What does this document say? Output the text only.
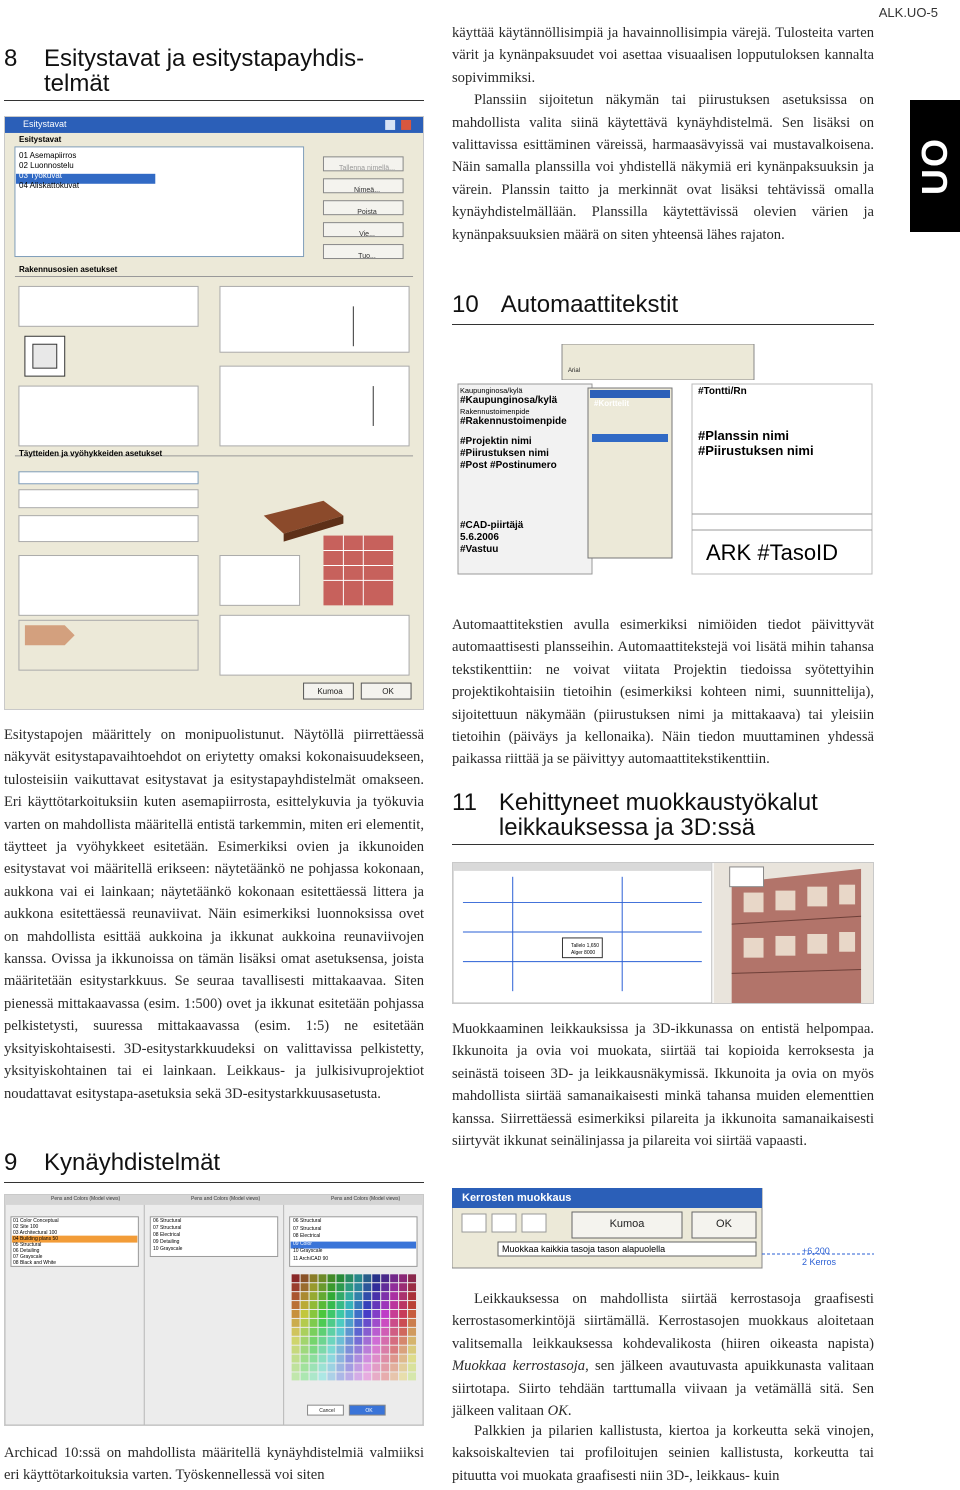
ALK.UO-5
UO
8 Esitystavat ja esitystapayhdis-
telmät
Esitystavat
Esitystavat
01 Asemapiirros
02 Luonnostelu
03 Työkuvat
04 Aliskattokuvat
Tallenna nimellä...
Nimeä...
Poista
Vie...
Tuo...
Rakennusosien asetukset
Täytteiden ja vyöhykkeiden asetukset
Kumoa	OK
Esitystapojen määrittely on monipuolistunut. Näytöllä piirrettäessä näkyvät esitystapavaihtoehdot on eriytetty omaksi kokonaisuudekseen, tulosteisiin vaikuttavat esitystavat ja esitystapayhdistelmät omakseen. Eri käyttötarkoituksiin kuten asemapiirrosta, esittelykuvia ja työkuvia varten on mahdollista määritellä entistä tarkemmin, miten eri elementit, täytteet ja vyöhykkeet esitetään. Esimerkiksi ovien ja ikkunoiden esitystavat voi määritellä erikseen: näytetäänkö ne pohjassa kokonaan, aukkona vai ei lainkaan; näytetäänkö kokonaan esitettäessä littera ja aukkona esitettäessä reunaviivat. Näin esimerkiksi luonnoksissa ovet on mahdollista esittää aukkoina ja ikkunat aukkoina reunaviivojen kanssa. Ovissa ja ikkunoissa on tämän lisäksi omat asetuksensa, joista määritetään esitystarkkuus. Se seuraa tavallisesti mittakaavaa. Siten pienessä mittakaavassa (esim. 1:500) ovet ja ikkunat esitetään pohjassa pelkistetysti, suuressa mittakaavassa (esim. 1:5) ne esitetään yksityiskohtaisesti. 3D-esitystarkkuudeksi on valittavissa pelkistetty, yksityiskohtainen tai ei lainkaan. Leikkaus- ja julkisivuprojektiot noudattavat esitystapa-asetuksia sekä 3D-esitystarkkuusasetusta.
9 Kynäyhdistelmät
Pens and Colors (Model views)	Pens and Colors (Model views)	Pens and Colors (Model views)
01 Color Conceptual
02 Site 100
03 Architectural 100
04 Building plans 50
05 Structural
06 Detailing
07 Grayscale
08 Black and White
06 Structural
07 Structural
08 Electrical
09 Detailing
10 Grayscale
06 Structural
07 Structural
08 Electrical
09 Color
10 Grayscale
11 ArchiCAD 90
Cancel	OK
Archicad 10:ssä on mahdollista määritellä kynäyhdistelmiä valmiiksi eri käyttötarkoituksia varten. Työskennellessä voi siten

käyttää käytännöllisimpiä ja havainnollisimpia värejä. Tulosteita varten värit ja kynänpaksuudet voi asettaa visuaalisen lopputuloksen kannalta sopivimmiksi.

Planssiin sijoitetun näkymän tai piirustuksen asetuksissa on mahdollista valita siinä käytettävä kynäyhdistelmä. Sen lisäksi on valittavissa esittäminen väreissä, harmaasävyissä vai mustavalkoisena. Näin samalla planssilla voi yhdistellä näkymiä eri kynänpaksuuksin ja värein. Planssin taitto ja merkinnät ovat lisäksi tehtävissä omalla kynäyhdistelmällään. Planssilla käytettävissä olevien värien ja kynänpaksuuksien määrä on siten yhteensä lähes rajaton.

10 Automaattitekstit
Arial
Kaupunginosa/kylä
#Kaupunginosa/kylä
Rakennustoimenpide
#Rakennustoimenpide
#Projektin nimi
#Piirustuksen nimi
#Post #Postinumero
#CAD-piirtäjä
5.6.2006
#Vastuu
#Tontti/Rn
#Korttelit
#Planssin nimi
#Piirustuksen nimi
ARK #TasoID
Automaattitekstien avulla esimerkiksi nimiöiden tiedot päivittyvät automaattisesti plansseihin. Automaattitekstejä voi lisätä mihin tahansa tekstikenttiin: ne voivat viitata Projektin tiedoissa syötettyihin projektikohtaisiin tietoihin (esimerkiksi kohteen nimi, suunnittelija), sijoitettuun näkymään (piirustuksen nimi ja mittakaava) tai yleisiin tietoihin (päiväys ja kellonaika). Näin tiedon muuttaminen yhdessä paikassa riittää ja se päivittyy automaattitekstikenttiin.
11 Kehittyneet muokkaustyökalut
leikkauksessa ja 3D:ssä
Tallelo 1,650
Alger 8000
Muokkaaminen leikkauksissa ja 3D-ikkunassa on entistä helpompaa. Ikkunoita ja ovia voi muokata, siirtää tai kopioida kerroksesta ja seinästä toiseen 3D- ja leikkausnäkymissä. Ikkunoita ja ovia on myös mahdollista siirtää samanaikaisesti minkä tahansa muiden elementtien kanssa. Siirrettäessä esimerkiksi pilareita ja ikkunoita samanaikaisesti siirtyvät ikkunat seinälinjassa ja pilareita voi siirtää vapaasti.
Kerrosten muokkaus
Kumoa	OK
Muokkaa kaikkia tasoja tason alapuolella	+6,200
2 Kerros
Leikkauksessa on mahdollista siirtää kerrostasoja graafisesti kerrostasomerkintöjä siirtämällä. Kerrostasojen muokkaus aloitetaan valitsemalla leikkauksessa kohdevalikosta (hiiren oikeasta napista) Muokkaa kerrostasoja, sen jälkeen avautuvasta apuikkunasta valitaan siirtotapa. Siirto tehdään tarttumalla viivaan ja vetämällä sitä. Sen jälkeen valitaan OK.
Palkkien ja pilarien kallistusta, kiertoa ja korkeutta sekä vinojen, kaksoiskaltevien tai profiloitujen seinien kallistusta, korkeutta tai pituutta voi muokata graafisesti niin 3D-, leikkaus- kuin
